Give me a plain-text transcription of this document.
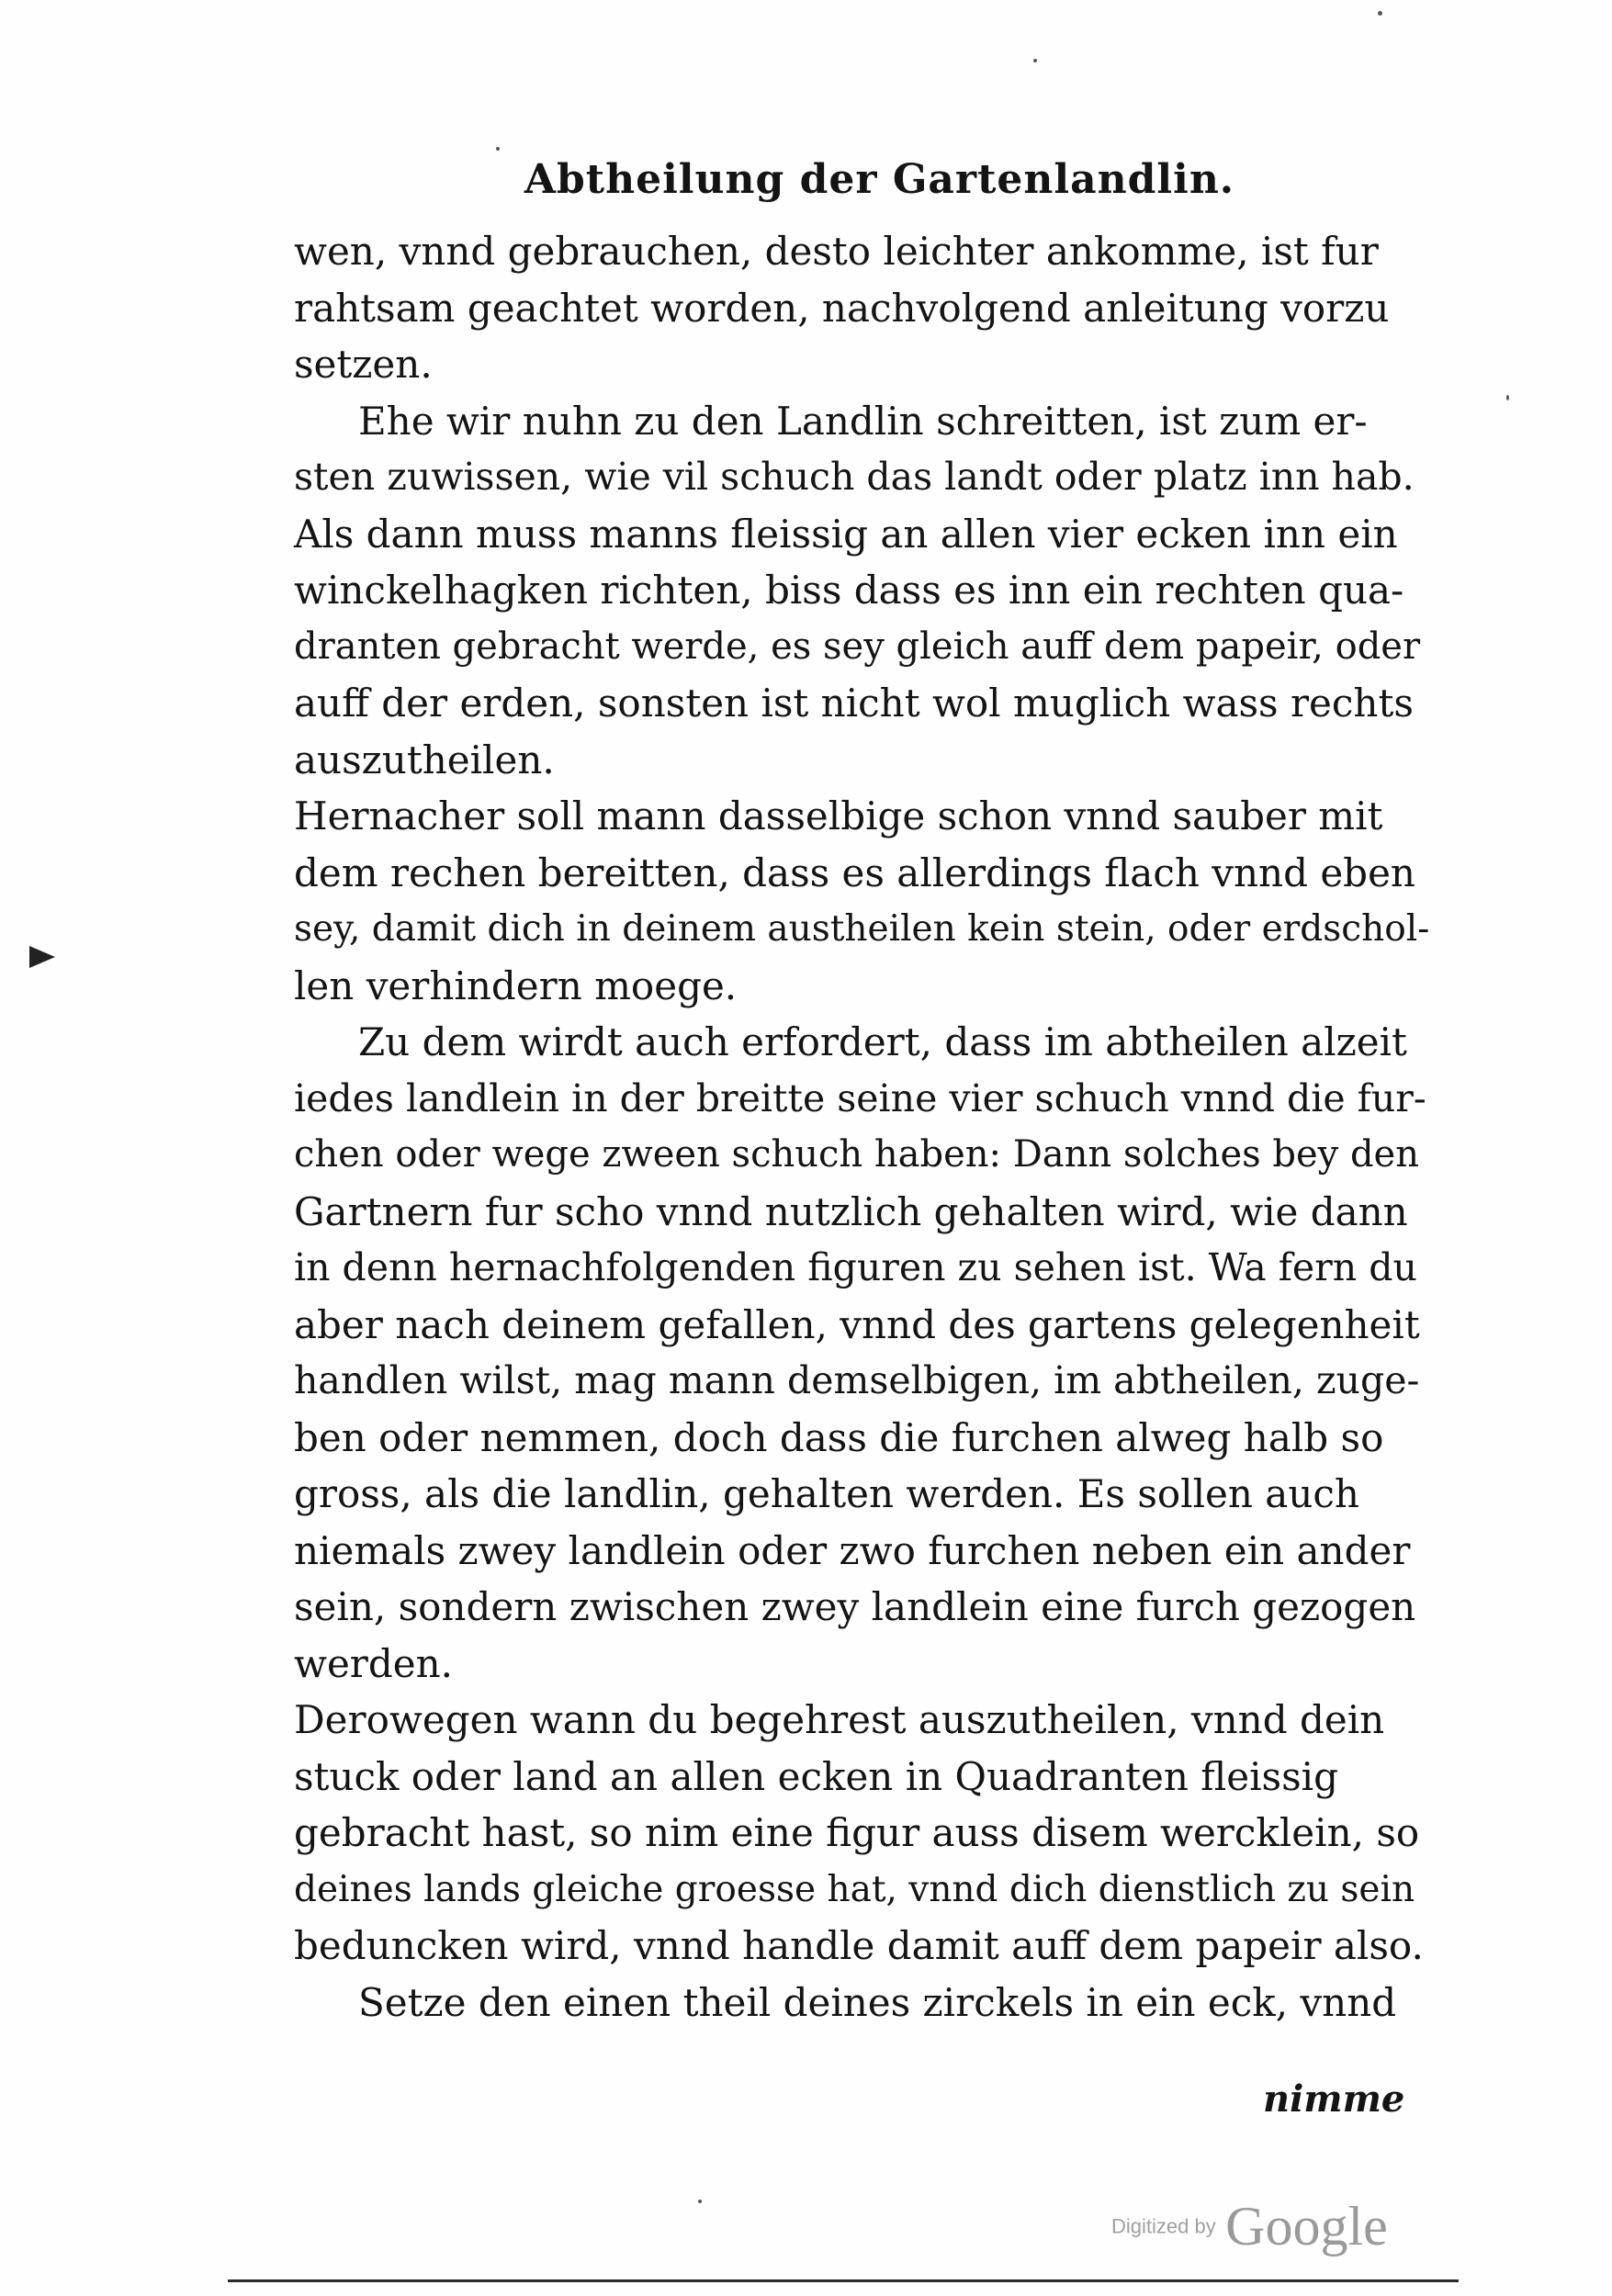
Abtheilung der Gartenlandlin.
wen, vnnd gebrauchen, desto leichter ankomme, ist fur
rahtsam geachtet worden, nachvolgend anleitung vorzu
setzen.
Ehe wir nuhn zu den Landlin schreitten, ist zum er-
sten zuwissen, wie vil schuch das landt oder platz inn hab.
Als dann muss manns fleissig an allen vier ecken inn ein
winckelhagken richten, biss dass es inn ein rechten qua-
dranten gebracht werde, es sey gleich auff dem papeir, oder
auff der erden, sonsten ist nicht wol muglich wass rechts
auszutheilen.
Hernacher soll mann dasselbige schon vnnd sauber mit
dem rechen bereitten, dass es allerdings flach vnnd eben
sey, damit dich in deinem austheilen kein stein, oder erdschol-
len verhindern moege.
Zu dem wirdt auch erfordert, dass im abtheilen alzeit
iedes landlein in der breitte seine vier schuch vnnd die fur-
chen oder wege zween schuch haben: Dann solches bey den
Gartnern fur scho vnnd nutzlich gehalten wird, wie dann
in denn hernachfolgenden figuren zu sehen ist. Wa fern du
aber nach deinem gefallen, vnnd des gartens gelegenheit
handlen wilst, mag mann demselbigen, im abtheilen, zuge-
ben oder nemmen, doch dass die furchen alweg halb so
gross, als die landlin, gehalten werden. Es sollen auch
niemals zwey landlein oder zwo furchen neben ein ander
sein, sondern zwischen zwey landlein eine furch gezogen
werden.
Derowegen wann du begehrest auszutheilen, vnnd dein
stuck oder land an allen ecken in Quadranten fleissig
gebracht hast, so nim eine figur auss disem wercklein, so
deines lands gleiche groesse hat, vnnd dich dienstlich zu sein
beduncken wird, vnnd handle damit auff dem papeir also.
Setze den einen theil deines zirckels in ein eck, vnnd
nimme
Digitized by Google
